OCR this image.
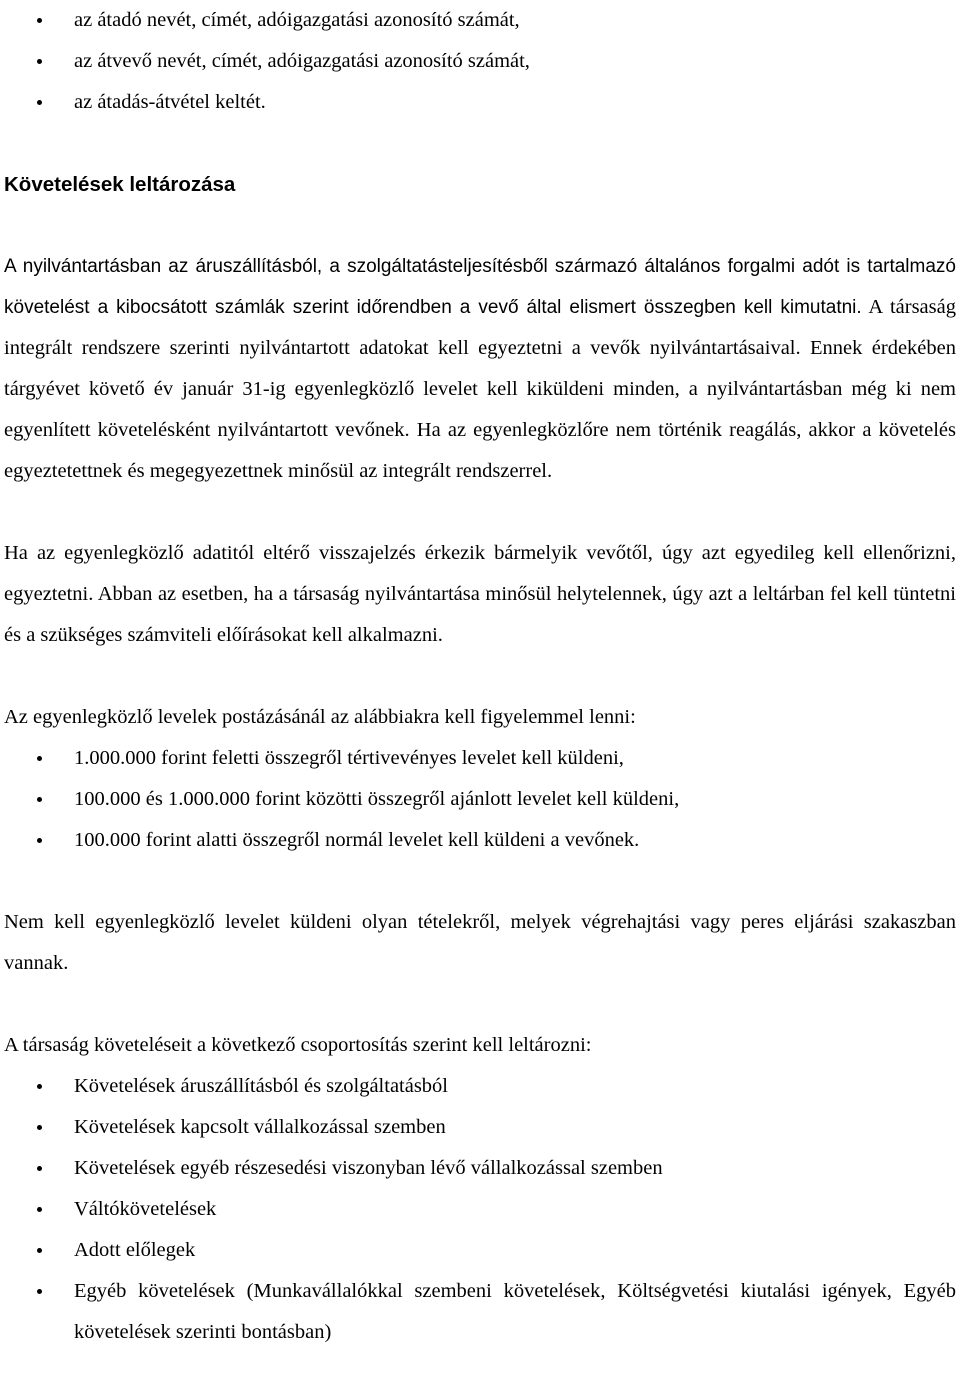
az átadó nevét, címét, adóigazgatási azonosító számát,
az átvevő nevét, címét, adóigazgatási azonosító számát,
az átadás-átvétel keltét.
Követelések leltározása

A nyilvántartásban az áruszállításból, a szolgáltatásteljesítésből származó általános forgalmi adót is tartalmazó követelést a kibocsátott számlák szerint időrendben a vevő által elismert összegben kell kimutatni. A társaság integrált rendszere szerinti nyilvántartott adatokat kell egyeztetni a vevők nyilvántartásaival. Ennek érdekében tárgyévet követő év január 31-ig egyenlegközlő levelet kell kiküldeni minden, a nyilvántartásban még ki nem egyenlített követelésként nyilvántartott vevőnek. Ha az egyenlegközlőre nem történik reagálás, akkor a követelés egyeztetettnek és megegyezettnek minősül az integrált rendszerrel.

Ha az egyenlegközlő adatitól eltérő visszajelzés érkezik bármelyik vevőtől, úgy azt egyedileg kell ellenőrizni, egyeztetni. Abban az esetben, ha a társaság nyilvántartása minősül helytelennek, úgy azt a leltárban fel kell tüntetni és a szükséges számviteli előírásokat kell alkalmazni.

Az egyenlegközlő levelek postázásánál az alábbiakra kell figyelemmel lenni:

1.000.000 forint feletti összegről tértivevényes levelet kell küldeni,
100.000 és 1.000.000 forint közötti összegről ajánlott levelet kell küldeni,
100.000 forint alatti összegről normál levelet kell küldeni a vevőnek.

Nem kell egyenlegközlő levelet küldeni olyan tételekről, melyek végrehajtási vagy peres eljárási szakaszban vannak.

A társaság követeléseit a következő csoportosítás szerint kell leltározni:

Követelések áruszállításból és szolgáltatásból
Követelések kapcsolt vállalkozással szemben
Követelések egyéb részesedési viszonyban lévő vállalkozással szemben
Váltókövetelések
Adott előlegek
Egyéb követelések (Munkavállalókkal szembeni követelések, Költségvetési kiutalási igények, Egyéb követelések szerinti bontásban)
